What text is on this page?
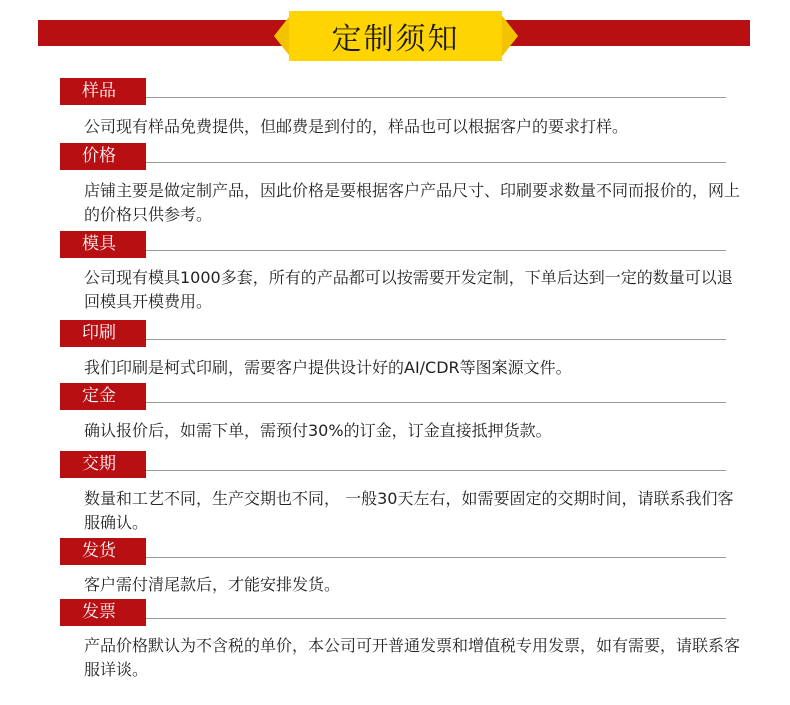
定制须知
样品
公司现有样品免费提供，但邮费是到付的，样品也可以根据客户的要求打样。
价格
店铺主要是做定制产品，因此价格是要根据客户产品尺寸、印刷要求数量不同而报价的，网上的价格只供参考。
模具
公司现有模具1000多套，所有的产品都可以按需要开发定制，下单后达到一定的数量可以退回模具开模费用。
印刷
我们印刷是柯式印刷，需要客户提供设计好的AI/CDR等图案源文件。
定金
确认报价后，如需下单，需预付30%的订金，订金直接抵押货款。
交期
数量和工艺不同，生产交期也不同， 一般30天左右，如需要固定的交期时间，请联系我们客服确认。
发货
客户需付清尾款后，才能安排发货。
发票
产品价格默认为不含税的单价，本公司可开普通发票和增值税专用发票，如有需要，请联系客服详谈。
